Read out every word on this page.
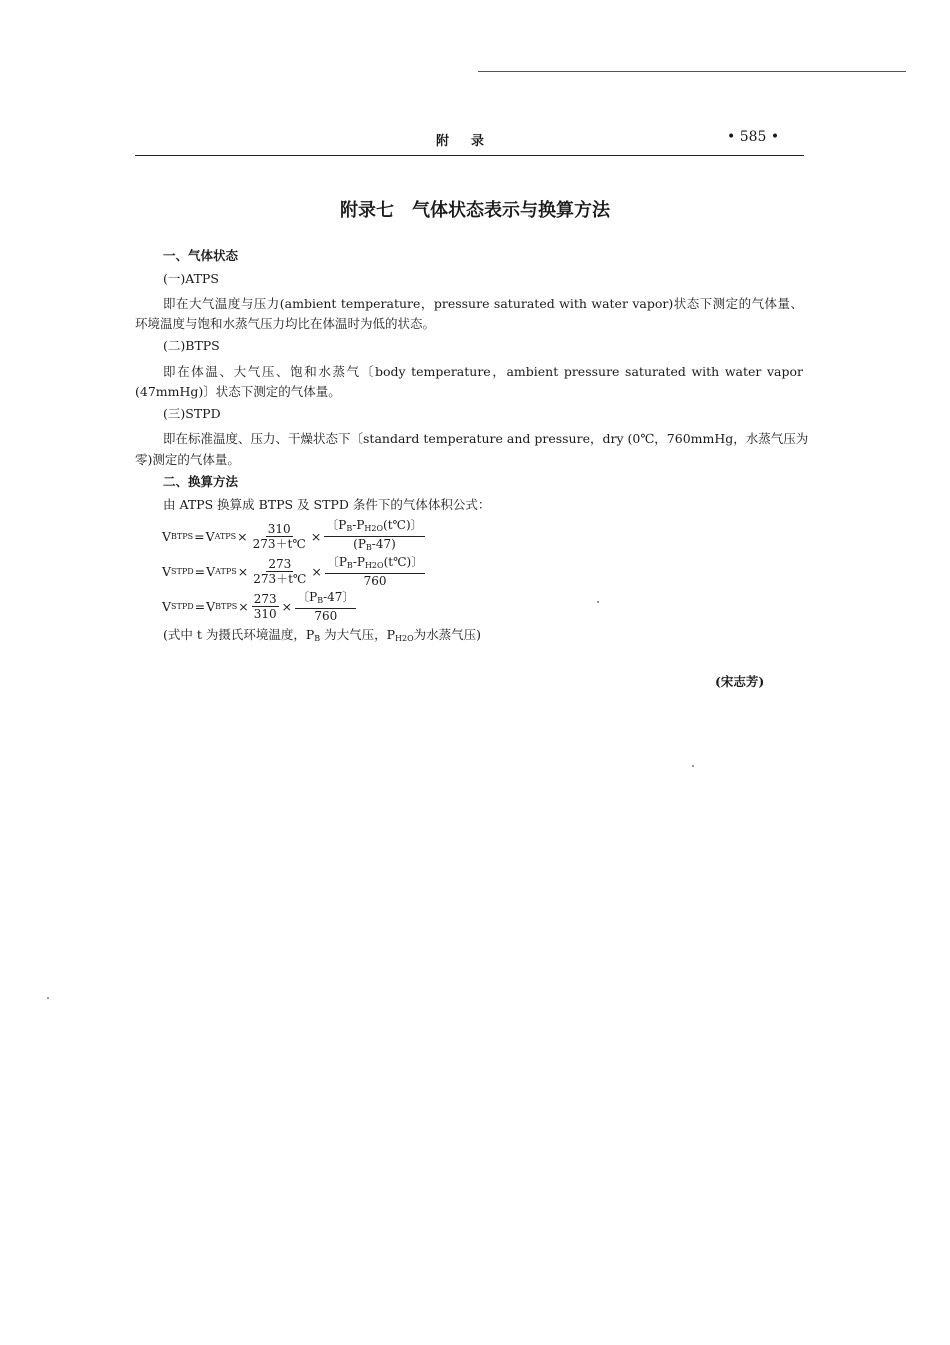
附录	• 585 •
附录七　气体状态表示与换算方法
一、气体状态
(一)ATPS
即在大气温度与压力(ambient temperature，pressure saturated with water vapor)状态下测定的气体量、
环境温度与饱和水蒸气压力均比在体温时为低的状态。
(二)BTPS
即在体温、大气压、饱和水蒸气〔body temperature，ambient pressure saturated with water vapor
(47mmHg)〕状态下测定的气体量。
(三)STPD
即在标准温度、压力、干燥状态下〔standard temperature and pressure，dry (0℃，760mmHg，水蒸气压为
零)测定的气体量。
二、换算方法
由 ATPS 换算成 BTPS 及 STPD 条件下的气体体积公式：
V BTPS = V ATPS × $\frac{310}{273+t℃} \times \frac{〔P_B-P_{H2O}(t℃)〕}{(P_B-47)}$
V STPD = V ATPS × $\frac{273}{273+t℃} \times \frac{〔P_B-P_{H2O}(t℃)〕}{760}$
V STPD = V BTPS × $\frac{273}{310} \times \frac{〔P_B-47〕}{760}$
(式中 t 为摄氏环境温度，$P_B$ 为大气压，$P_{H2O}$为水蒸气压)
(宋志芳)
